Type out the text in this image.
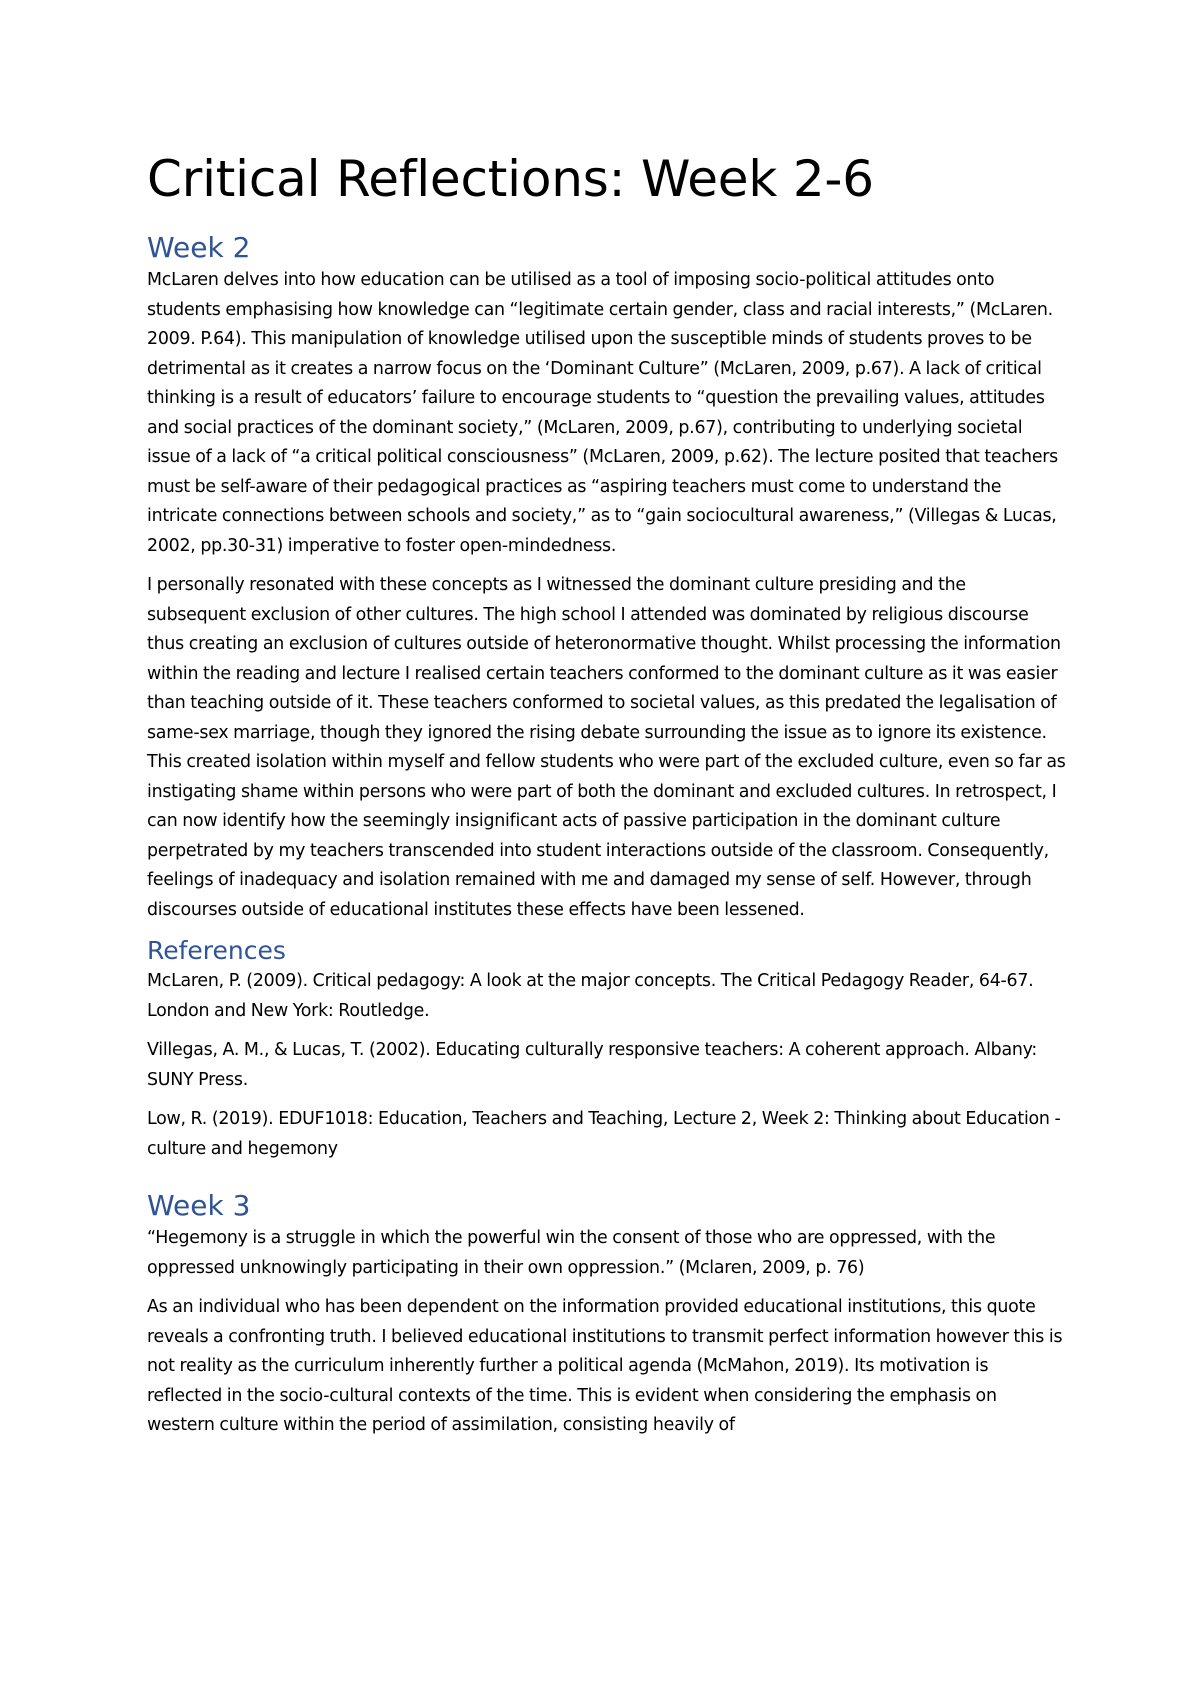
Critical Reflections: Week 2-6
Week 2

McLaren delves into how education can be utilised as a tool of imposing socio-political attitudes onto students emphasising how knowledge can “legitimate certain gender, class and racial interests,” (McLaren. 2009. P.64). This manipulation of knowledge utilised upon the susceptible minds of students proves to be detrimental as it creates a narrow focus on the ‘Dominant Culture” (McLaren, 2009, p.67). A lack of critical thinking is a result of educators’ failure to encourage students to “question the prevailing values, attitudes and social practices of the dominant society,” (McLaren, 2009, p.67), contributing to underlying societal issue of a lack of “a critical political consciousness” (McLaren, 2009, p.62). The lecture posited that teachers must be self-aware of their pedagogical practices as “aspiring teachers must come to understand the intricate connections between schools and society,” as to “gain sociocultural awareness,” (Villegas & Lucas, 2002, pp.30-31) imperative to foster open-mindedness.

I personally resonated with these concepts as I witnessed the dominant culture presiding and the subsequent exclusion of other cultures. The high school I attended was dominated by religious discourse thus creating an exclusion of cultures outside of heteronormative thought. Whilst processing the information within the reading and lecture I realised certain teachers conformed to the dominant culture as it was easier than teaching outside of it. These teachers conformed to societal values, as this predated the legalisation of same-sex marriage, though they ignored the rising debate surrounding the issue as to ignore its existence. This created isolation within myself and fellow students who were part of the excluded culture, even so far as instigating shame within persons who were part of both the dominant and excluded cultures. In retrospect, I can now identify how the seemingly insignificant acts of passive participation in the dominant culture perpetrated by my teachers transcended into student interactions outside of the classroom. Consequently, feelings of inadequacy and isolation remained with me and damaged my sense of self. However, through discourses outside of educational institutes these effects have been lessened.

References

McLaren, P. (2009). Critical pedagogy: A look at the major concepts. The Critical Pedagogy Reader, 64-67. London and New York: Routledge.

Villegas, A. M., & Lucas, T. (2002). Educating culturally responsive teachers: A coherent approach. Albany: SUNY Press.

Low, R. (2019). EDUF1018: Education, Teachers and Teaching, Lecture 2, Week 2: Thinking about Education - culture and hegemony

Week 3

“Hegemony is a struggle in which the powerful win the consent of those who are oppressed, with the oppressed unknowingly participating in their own oppression.” (Mclaren, 2009, p. 76)

As an individual who has been dependent on the information provided educational institutions, this quote reveals a confronting truth. I believed educational institutions to transmit perfect information however this is not reality as the curriculum inherently further a political agenda (McMahon, 2019). Its motivation is reflected in the socio-cultural contexts of the time. This is evident when considering the emphasis on western culture within the period of assimilation, consisting heavily of
